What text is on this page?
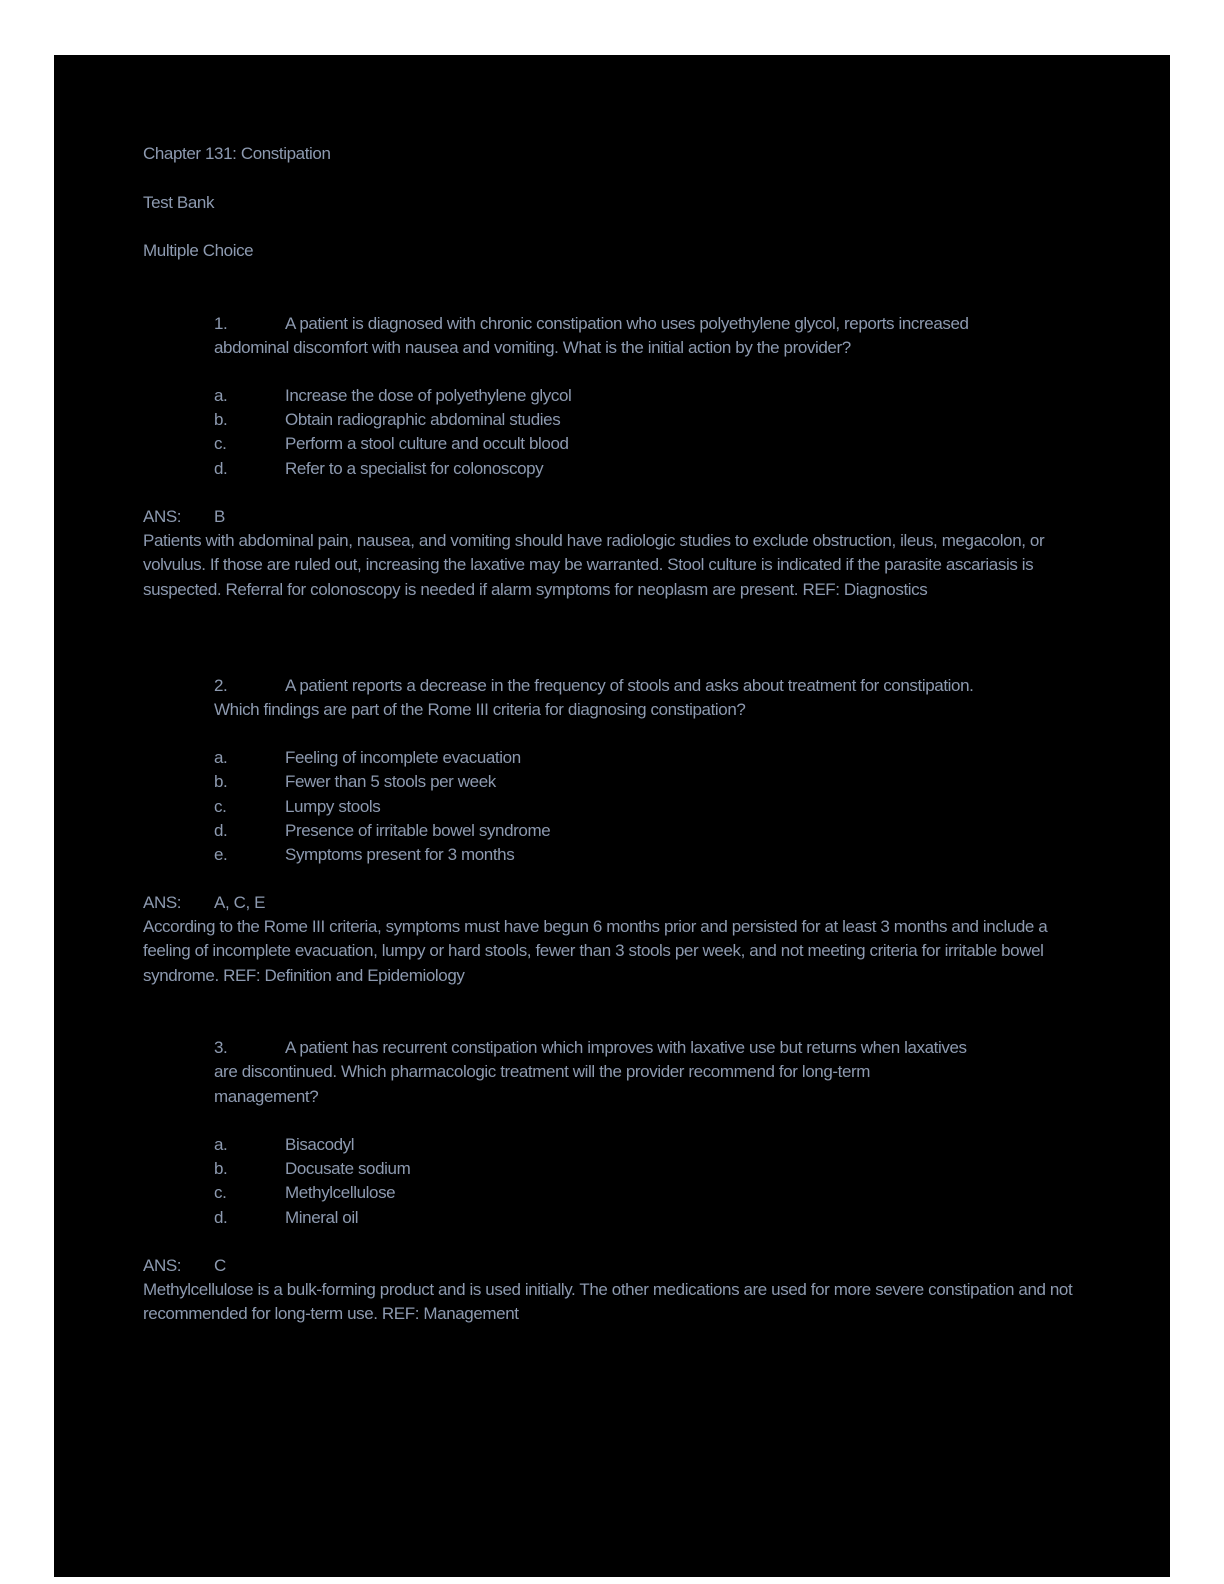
Chapter 131: Constipation
Test Bank
Multiple Choice
1.	A patient is diagnosed with chronic constipation who uses polyethylene glycol, reports increased
abdominal discomfort with nausea and vomiting. What is the initial action by the provider?
a.	Increase the dose of polyethylene glycol
b.	Obtain radiographic abdominal studies
c.	Perform a stool culture and occult blood
d.	Refer to a specialist for colonoscopy
ANS: B
Patients with abdominal pain, nausea, and vomiting should have radiologic studies to exclude obstruction, ileus, megacolon, or volvulus. If those are ruled out, increasing the laxative may be warranted. Stool culture is indicated if the parasite ascariasis is suspected. Referral for colonoscopy is needed if alarm symptoms for neoplasm are present. REF: Diagnostics
2.	A patient reports a decrease in the frequency of stools and asks about treatment for constipation.
Which findings are part of the Rome III criteria for diagnosing constipation?
a.	Feeling of incomplete evacuation
b.	Fewer than 5 stools per week
c.	Lumpy stools
d.	Presence of irritable bowel syndrome
e.	Symptoms present for 3 months
ANS: A, C, E
According to the Rome III criteria, symptoms must have begun 6 months prior and persisted for at least 3 months and include a feeling of incomplete evacuation, lumpy or hard stools, fewer than 3 stools per week, and not meeting criteria for irritable bowel syndrome. REF: Definition and Epidemiology
3.	A patient has recurrent constipation which improves with laxative use but returns when laxatives
are discontinued. Which pharmacologic treatment will the provider recommend for long-term
management?
a.	Bisacodyl
b.	Docusate sodium
c.	Methylcellulose
d.	Mineral oil
ANS: C
Methylcellulose is a bulk-forming product and is used initially. The other medications are used for more severe constipation and not recommended for long-term use. REF: Management
